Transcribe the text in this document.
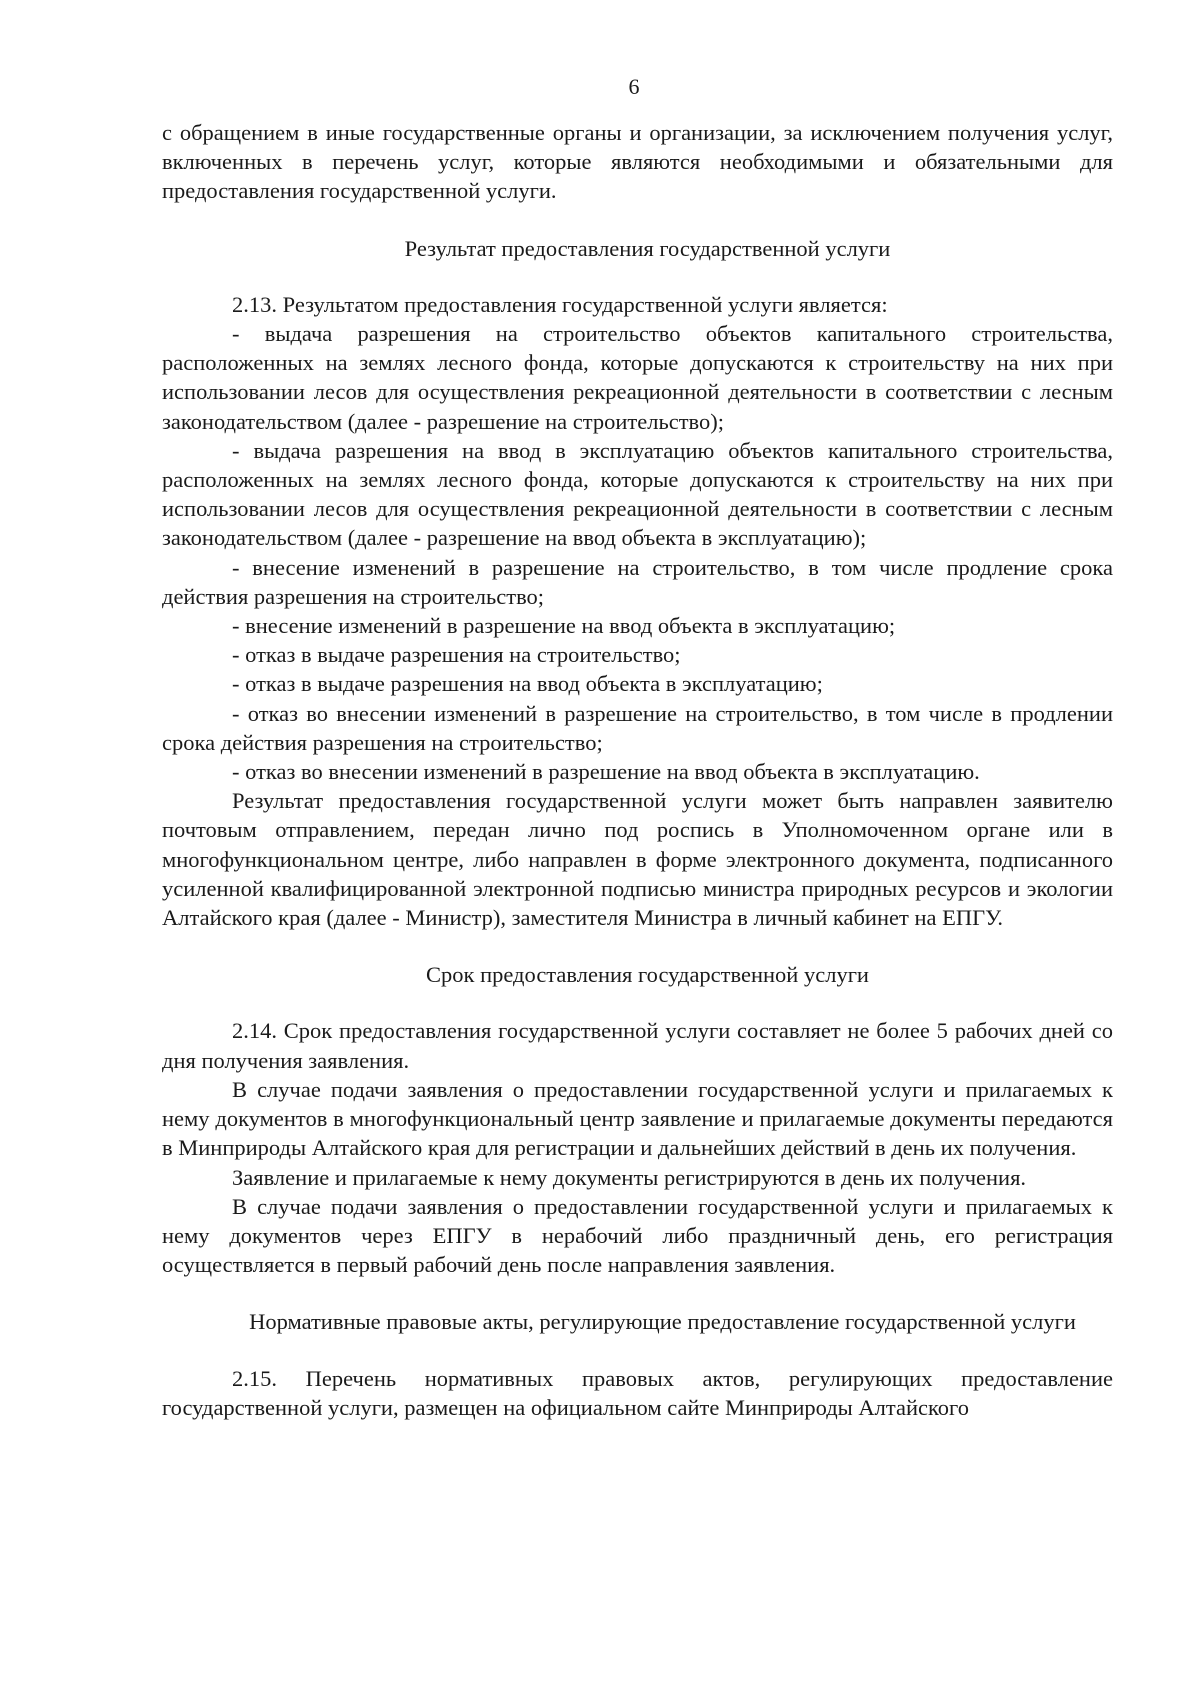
6

с обращением в иные государственные органы и организации, за исключением получения услуг, включенных в перечень услуг, которые являются необходимыми и обязательными для предоставления государственной услуги.

Результат предоставления государственной услуги

2.13. Результатом предоставления государственной услуги является:

- выдача разрешения на строительство объектов капитального строительства, расположенных на землях лесного фонда, которые допускаются к строительству на них при использовании лесов для осуществления рекреационной деятельности в соответствии с лесным законодательством (далее - разрешение на строительство);

- выдача разрешения на ввод в эксплуатацию объектов капитального строительства, расположенных на землях лесного фонда, которые допускаются к строительству на них при использовании лесов для осуществления рекреационной деятельности в соответствии с лесным законодательством (далее - разрешение на ввод объекта в эксплуатацию);

- внесение изменений в разрешение на строительство, в том числе продление срока действия разрешения на строительство;

- внесение изменений в разрешение на ввод объекта в эксплуатацию;

- отказ в выдаче разрешения на строительство;

- отказ в выдаче разрешения на ввод объекта в эксплуатацию;

- отказ во внесении изменений в разрешение на строительство, в том числе в продлении срока действия разрешения на строительство;

- отказ во внесении изменений в разрешение на ввод объекта в эксплуатацию.

Результат предоставления государственной услуги может быть направлен заявителю почтовым отправлением, передан лично под роспись в Уполномоченном органе или в многофункциональном центре, либо направлен в форме электронного документа, подписанного усиленной квалифицированной электронной подписью министра природных ресурсов и экологии Алтайского края (далее - Министр), заместителя Министра в личный кабинет на ЕПГУ.

Срок предоставления государственной услуги

2.14. Срок предоставления государственной услуги составляет не более 5 рабочих дней со дня получения заявления.

В случае подачи заявления о предоставлении государственной услуги и прилагаемых к нему документов в многофункциональный центр заявление и прилагаемые документы передаются в Минприроды Алтайского края для регистрации и дальнейших действий в день их получения.

Заявление и прилагаемые к нему документы регистрируются в день их получения.

В случае подачи заявления о предоставлении государственной услуги и прилагаемых к нему документов через ЕПГУ в нерабочий либо праздничный день, его регистрация осуществляется в первый рабочий день после направления заявления.

Нормативные правовые акты, регулирующие предоставление государственной услуги

2.15. Перечень нормативных правовых актов, регулирующих предоставление государственной услуги, размещен на официальном сайте Минприроды Алтайского
